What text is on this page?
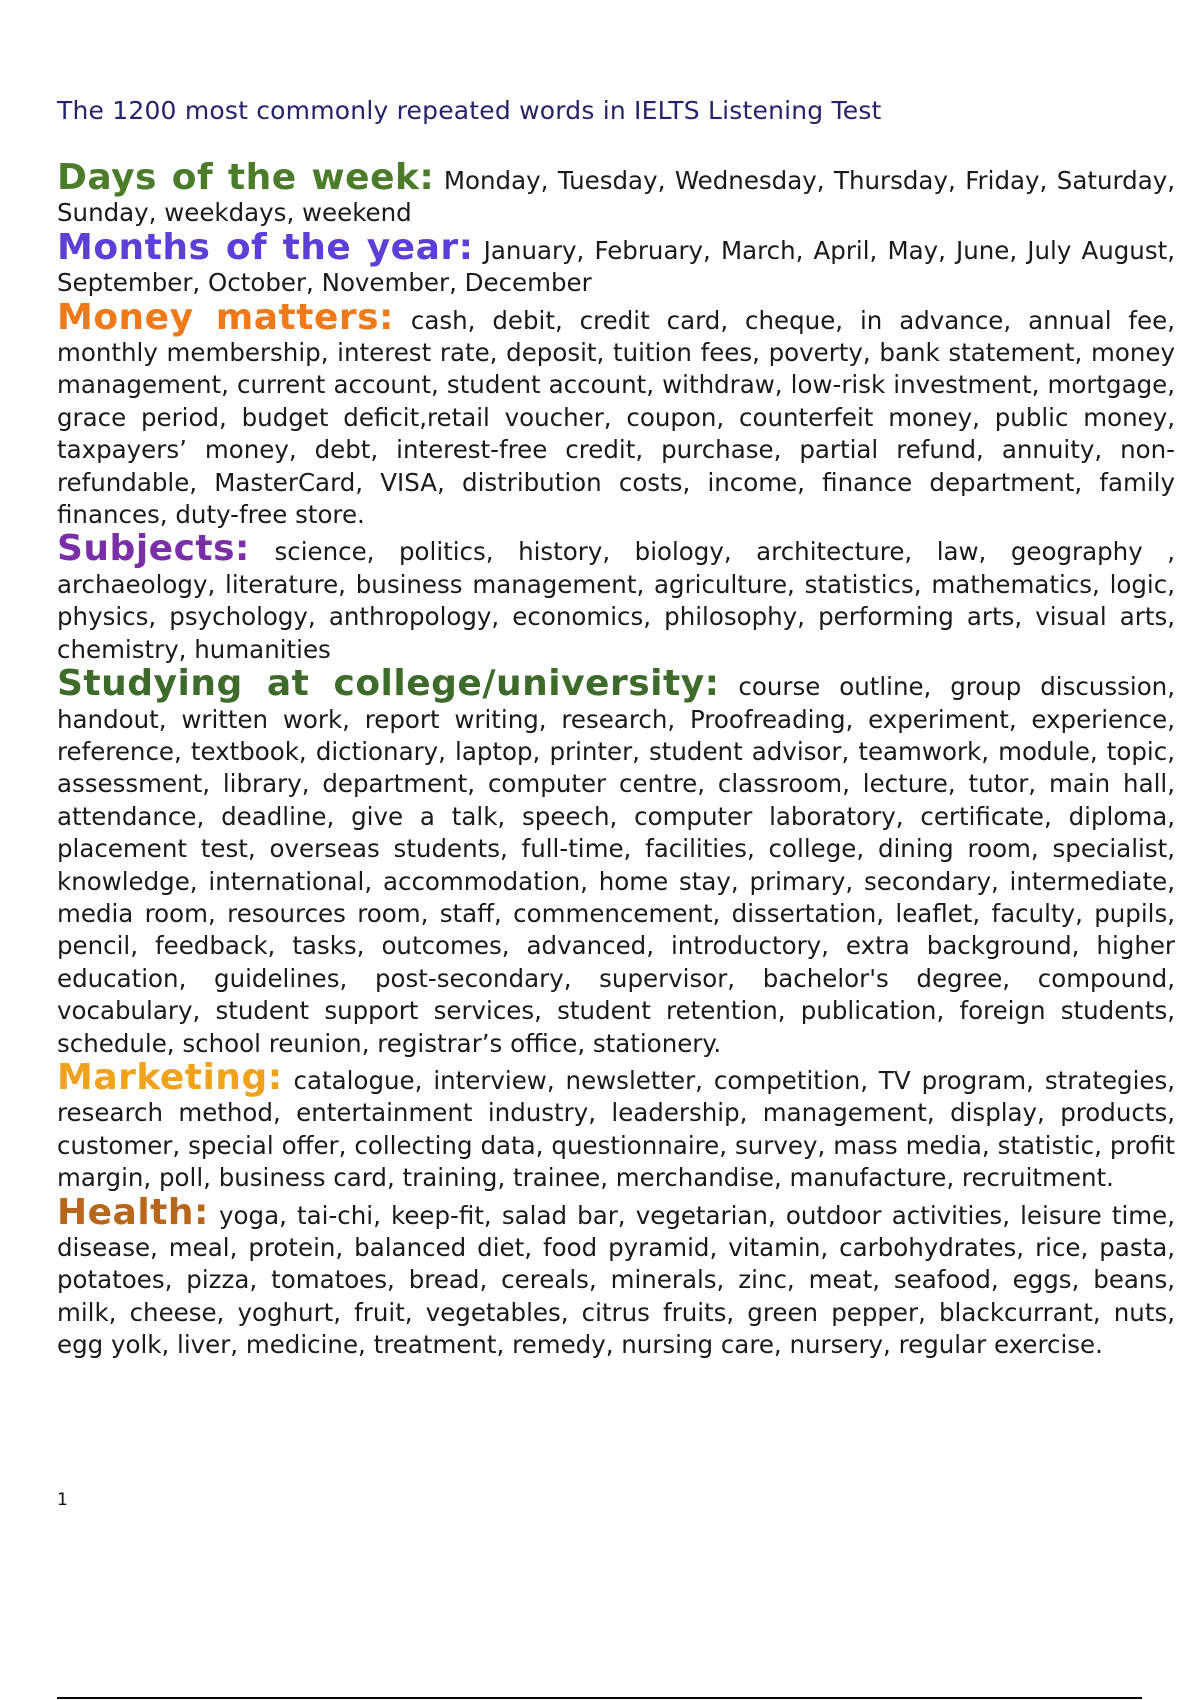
The 1200 most commonly repeated words in IELTS Listening Test

Days of the week: Monday, Tuesday, Wednesday, Thursday, Friday, Saturday, Sunday, weekdays, weekend

Months of the year: January, February, March, April, May, June, July August, September, October, November, December

Money matters: cash, debit, credit card, cheque, in advance, annual fee, monthly membership, interest rate, deposit, tuition fees, poverty, bank statement, money management, current account, student account, withdraw, low-risk investment, mortgage, grace period, budget deficit,retail voucher, coupon, counterfeit money, public money, taxpayers’ money, debt, interest-free credit, purchase, partial refund, annuity, non-refundable, MasterCard, VISA, distribution costs, income, finance department, family finances, duty-free store.

Subjects: science, politics, history, biology, architecture, law, geography , archaeology, literature, business management, agriculture, statistics, mathematics, logic, physics, psychology, anthropology, economics, philosophy, performing arts, visual arts, chemistry, humanities

Studying at college/university: course outline, group discussion, handout, written work, report writing, research, Proofreading, experiment, experience, reference, textbook, dictionary, laptop, printer, student advisor, teamwork, module, topic, assessment, library, department, computer centre, classroom, lecture, tutor, main hall, attendance, deadline, give a talk, speech, computer laboratory, certificate, diploma, placement test, overseas students, full-time, facilities, college, dining room, specialist, knowledge, international, accommodation, home stay, primary, secondary, intermediate, media room, resources room, staff, commencement, dissertation, leaflet, faculty, pupils, pencil, feedback, tasks, outcomes, advanced, introductory, extra background, higher education, guidelines, post-secondary, supervisor, bachelor's degree, compound, vocabulary, student support services, student retention, publication, foreign students, schedule, school reunion, registrar’s office, stationery.

Marketing: catalogue, interview, newsletter, competition, TV program, strategies, research method, entertainment industry, leadership, management, display, products, customer, special offer, collecting data, questionnaire, survey, mass media, statistic, profit margin, poll, business card, training, trainee, merchandise, manufacture, recruitment.

Health: yoga, tai-chi, keep-fit, salad bar, vegetarian, outdoor activities, leisure time, disease, meal, protein, balanced diet, food pyramid, vitamin, carbohydrates, rice, pasta, potatoes, pizza, tomatoes, bread, cereals, minerals, zinc, meat, seafood, eggs, beans, milk, cheese, yoghurt, fruit, vegetables, citrus fruits, green pepper, blackcurrant, nuts, egg yolk, liver, medicine, treatment, remedy, nursing care, nursery, regular exercise.

1
